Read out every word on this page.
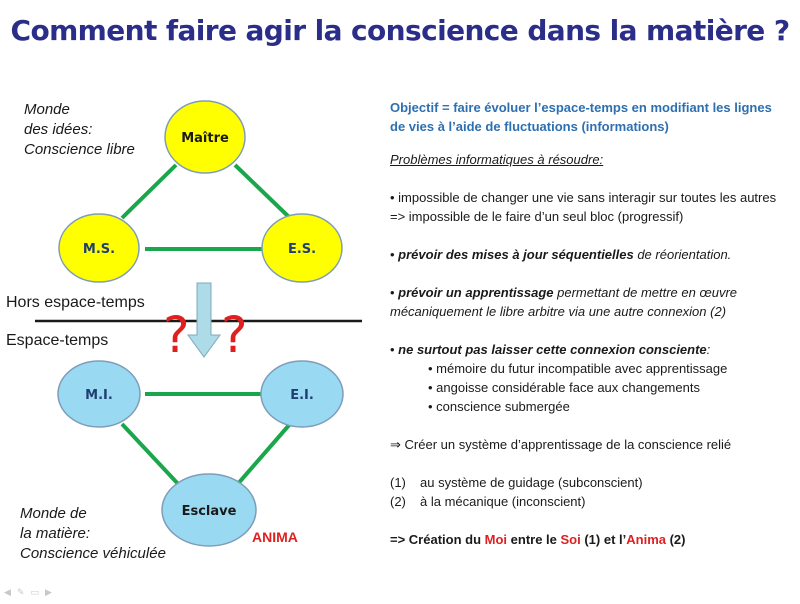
Comment faire agir la conscience dans la matière ?
? ?
Maître
M.S.	E.S.
M.I.	E.I.
Esclave
Monde
des idées:
Conscience libre
Hors espace-temps
Espace-temps
Monde de
la matière:
Conscience véhiculée
ANIMA

Objectif = faire évoluer l’espace-temps en modifiant les lignes de vies à l’aide de fluctuations (informations)

Problèmes informatiques à résoudre:

• impossible de changer une vie sans interagir sur toutes les autres => impossible de le faire d’un seul bloc (progressif)

• prévoir des mises à jour séquentielles de réorientation.

• prévoir un apprentissage permettant de mettre en œuvre mécaniquement le libre arbitre via une autre connexion (2)

• ne surtout pas laisser cette connexion consciente:

• mémoire du futur incompatible avec apprentissage

• angoisse considérable face aux changements

• conscience submergée

⇒ Créer un système d’apprentissage de la conscience relié

(1) au système de guidage (subconscient)

(2) à la mécanique (inconscient)

=> Création du Moi entre le Soi (1) et l’Anima (2)

◀ ✎ ▭ ▶
